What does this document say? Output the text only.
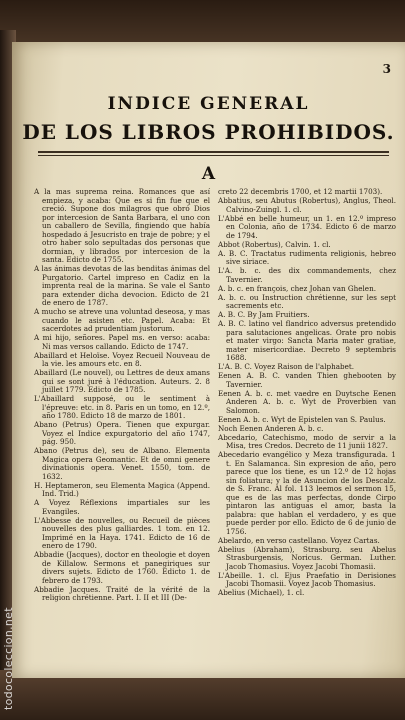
3
INDICE GENERAL
DE LOS LIBROS PROHIBIDOS.
A

A la mas suprema reina. Romances que así empieza, y acaba: Que es si fin fue que el creció. Supone dos milagros que obró Dios por intercesion de Santa Barbara, el uno con un caballero de Sevilla, fingiendo que había hospedado á Jesucristo en traje de pobre; y el otro haber solo sepultadas dos personas que dormian, y librados por intercesion de la santa. Edicto de 1755.

A las ánimas devotas de las benditas ánimas del Purgatorio. Cartel impreso en Cadiz en la imprenta real de la marina. Se vale el Santo para extender dicha devocion. Edicto de 21 de enero de 1787.

A mucho se atreve una voluntad deseosa, y mas cuando le asisten etc. Papel. Acaba: Et sacerdotes ad prudentiam justorum.

A mi hijo, señores. Papel ms. en verso: acaba: Ni mas versos callando. Edicto de 1747.

Abaillard et Heloïse. Voyez Recueil Nouveau de la vie. les amours etc. en 8.

Abaillard (Le nouvel), ou Lettres de deux amans qui se sont juré à l'éducation. Auteurs. 2. 8 juillet 1779. Edicto de 1785.

L'Abaillard supposé, ou le sentiment à l'épreuve: etc. in 8. Paris en un tomo, en 12.º, año 1780. Edicto 18 de marzo de 1801.

Abano (Petrus) Opera. Tienen que expurgar. Voyez el Indice expurgatorio del año 1747, pág. 950.

Abano (Petrus de), seu de Albano. Elementa Magica opera Geomantic. Et de omni genere divinationis opera. Venet. 1550, tom. de 1632.

H. Heptameron, seu Elementa Magica (Append. Ind. Trid.)

A Voyez Réflexions impartiales sur les Evangiles.

L'Abbesse de nouvelles, ou Recueil de pièces nouvelles des plus galliardes. 1 tom. en 12. Imprimé en la Haya. 1741. Edicto de 16 de enero de 1790.

Abbadie (Jacques), doctor en theologie et doyen de Killalow. Sermons et panegiriques sur divers sujets. Edicto de 1760. Edicto 1. de febrero de 1793.

Abbadie Jacques. Traité de la vérité de la religion chrétienne. Part. I. II et III (De-

creto 22 decembris 1700, et 12 martii 1703).

Abbatius, seu Abutus (Robertus), Anglus, Theol. Calvino-Zuingl. 1. cl.

L'Abbé en belle humeur, un 1. en 12.º impreso en Colonia, año de 1734. Edicto 6 de marzo de 1794.

Abbot (Robertus), Calvin. 1. cl.

A. B. C. Tractatus rudimenta religionis, hebreo sive siriace.

L'A. b. c. des dix commandements, chez Tavernier.

A. b. c. en françois, chez Johan van Ghelen.

A. b. c. ou Instruction chrétienne, sur les sept sacrements etc.

A. B. C. By Jam Fruitiers.

A. B. C. latino vel flandrico adversus pretendido para salutaciones angelicas. Orate pro nobis et mater virgo: Sancta Maria mater gratiae, mater misericordiae. Decreto 9 septembris 1688.

L'A. B. C. Voyez Raison de l'alphabet.

Eenen A. B. C. vanden Thien ghebooten by Tavernier.

Eenen A. b. c. met vaedre en Duytsche Eenen Anderen A. b. c. Wyt de Proverbien van Salomon.

Eenen A. b. c. Wyt de Epistelen van S. Paulus.

Noch Eenen Anderen A. b. c.

Abcedario, Catechismo, modo de servir a la Misa, tres Credos. Decreto de 11 junii 1827.

Abecedario evangélico y Meza transfigurada. 1 t. En Salamanca. Sin expresion de año, pero parece que los tiene, es un 12.º de 12 hojas sin foliatura; y la de Asuncion de los Descalz. de S. Franc. Al fol. 113 leemos el sermon 15, que es de las mas perfectas, donde Cirpo pintaron las antiguas el amor, basta la palabra: que hablan el verdadero, y es que puede perder por ello. Edicto de 6 de junio de 1756.

Abelardo, en verso castellano. Voyez Cartas.

Abelius (Abraham), Strasburg. seu Abelus Strasburgensis, Noricus. German. Luther. Jacob Thomasius. Voyez Jacobi Thomasii.

L'Abeille. 1. cl. Ejus Praefatio in Derisiones Jacobi Thomasii. Voyez Jacob Thomasius.

Abelius (Michael), 1. cl.

todocoleccion.net
